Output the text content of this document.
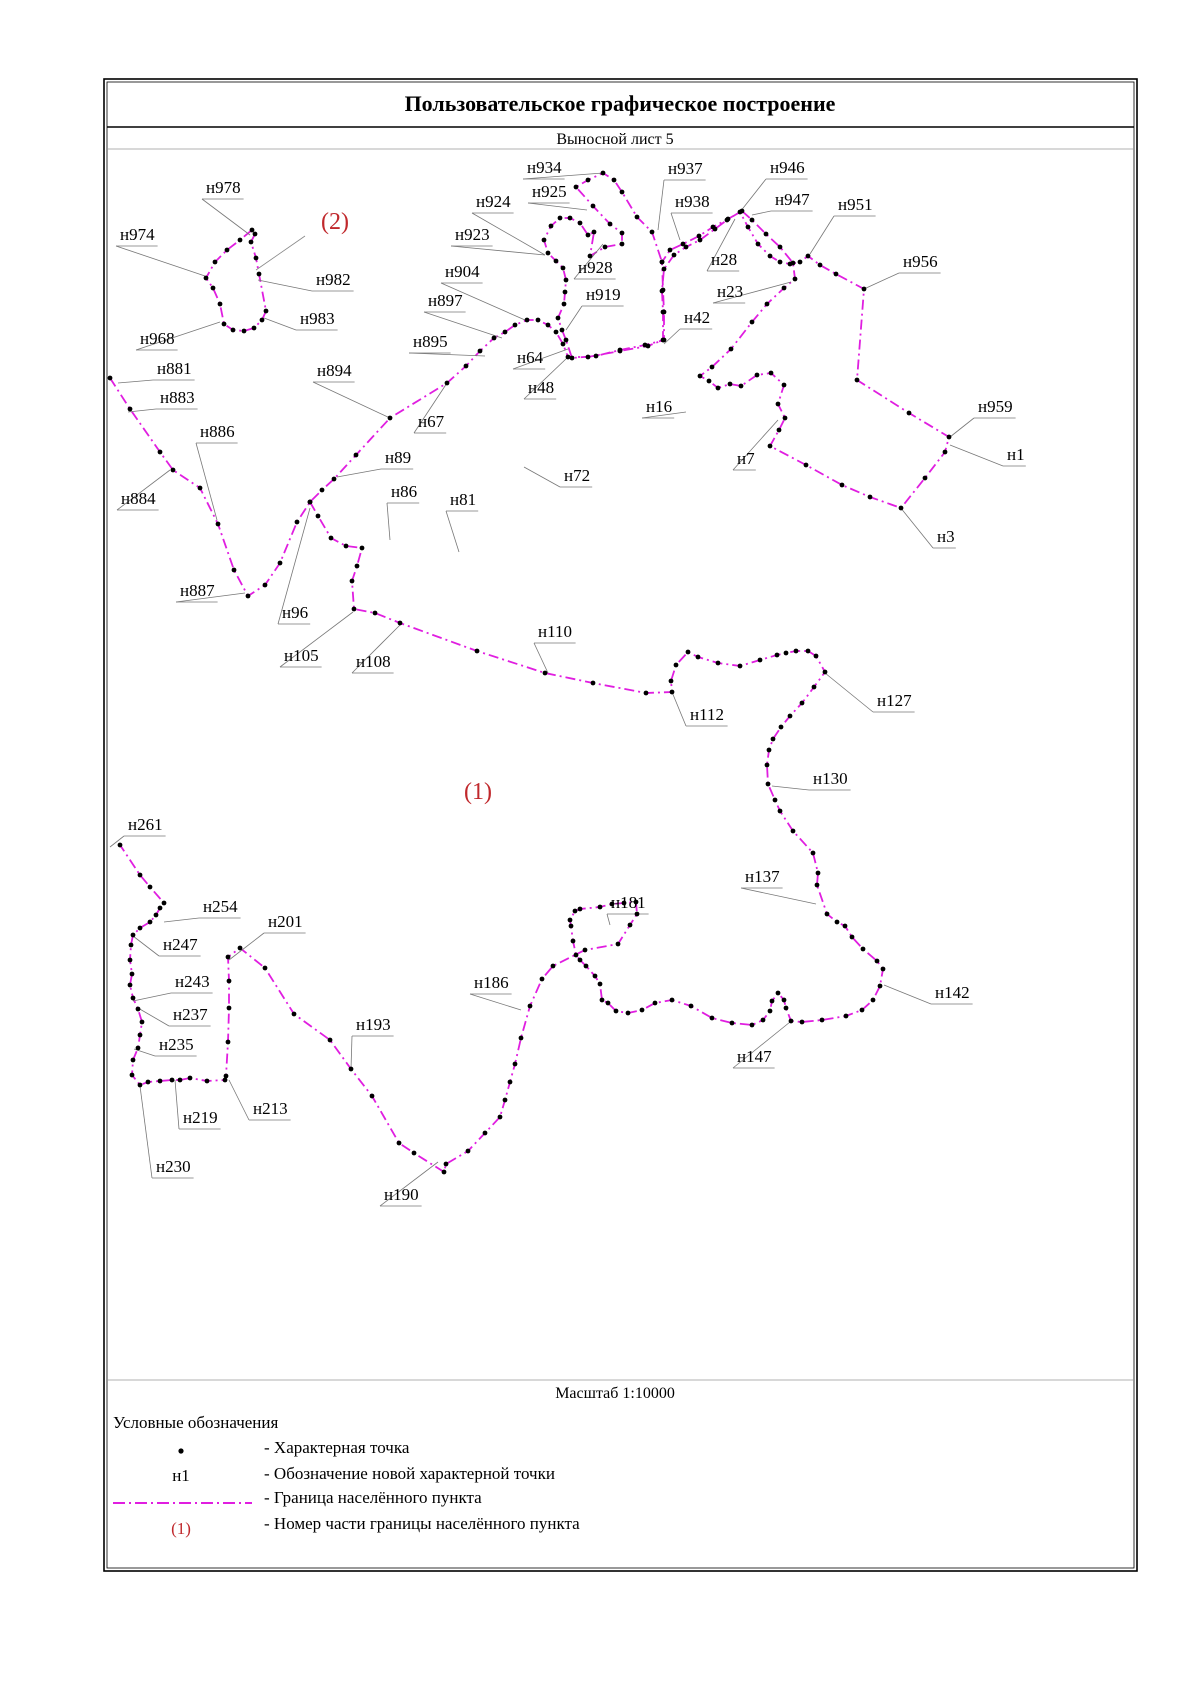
Пользовательское графическое построение
Выносной лист 5
Масштаб 1:10000
н978
н974
н982
н983
н968
н881
н883
н886
н884
н887
н934
н925
н924
н923
н904
н897
н895
н928
н919
н64
н48
н894
н67
н89
н86 н81
н72
н96
н105 н108
н110
н937
н938
н946
н947 н951
н28
н23
н42
н956
н16
н7
н959
н1
н3
н112
н127
н130
н261
н254
н247
н201
н243
н237
н235
н219 н213
н230
н193
н190
н186
н181
н137
н142
н147
(1)
(2)
Условные обозначения
- Характерная точка
н1	- Обозначение новой характерной точки
- Граница населённого пункта
(1)	- Номер части границы населённого пункта
